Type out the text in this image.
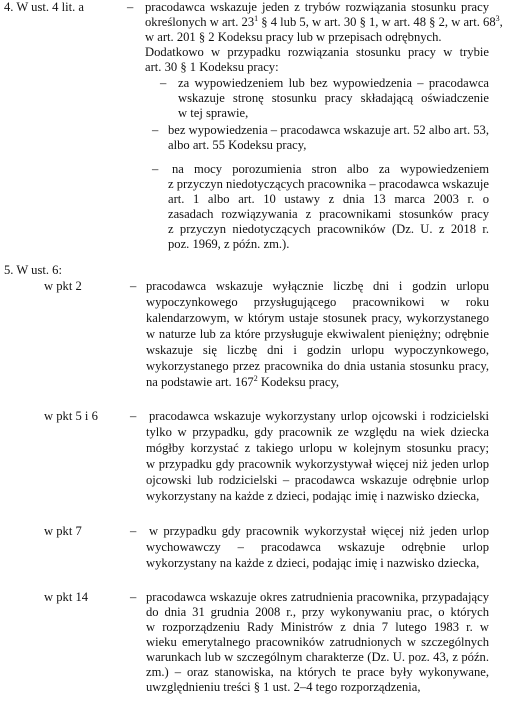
4. W ust. 4 lit. a	– pracodawca wskazuje jeden z trybów rozwiązania stosunku pracy
określonych w art. $23^1$ § 4 lub 5, w art. 30 § 1, w art. 48 § 2, w art. $68^3$,
w art. 201 § 2 Kodeksu pracy lub w przepisach odrębnych.
Dodatkowo w przypadku rozwiązania stosunku pracy w trybie
art. 30 § 1 Kodeksu pracy:
– za wypowiedzeniem lub bez wypowiedzenia – pracodawca
wskazuje stronę stosunku pracy składającą oświadczenie
w tej sprawie,
– bez wypowiedzenia – pracodawca wskazuje art. 52 albo art. 53,
albo art. 55 Kodeksu pracy,
– na mocy porozumienia stron albo za wypowiedzeniem
z przyczyn niedotyczących pracownika – pracodawca wskazuje
art. 1 albo art. 10 ustawy z dnia 13 marca 2003 r. o
zasadach rozwiązywania z pracownikami stosunków pracy
z przyczyn niedotyczących pracowników (Dz. U. z 2018 r.
poz. 1969, z późn. zm.).
5. W ust. 6:
w pkt 2	– pracodawca wskazuje wyłącznie liczbę dni i godzin urlopu
wypoczynkowego przysługującego pracownikowi w roku
kalendarzowym, w którym ustaje stosunek pracy, wykorzystanego
w naturze lub za które przysługuje ekwiwalent pieniężny; odrębnie
wskazuje się liczbę dni i godzin urlopu wypoczynkowego,
wykorzystanego przez pracownika do dnia ustania stosunku pracy,
na podstawie art. $167^2$ Kodeksu pracy,
w pkt 5 i 6	– pracodawca wskazuje wykorzystany urlop ojcowski i rodzicielski
tylko w przypadku, gdy pracownik ze względu na wiek dziecka
mógłby korzystać z takiego urlopu w kolejnym stosunku pracy;
w przypadku gdy pracownik wykorzystywał więcej niż jeden urlop
ojcowski lub rodzicielski – pracodawca wskazuje odrębnie urlop
wykorzystany na każde z dzieci, podając imię i nazwisko dziecka,
w pkt 7	– w przypadku gdy pracownik wykorzystał więcej niż jeden urlop
wychowawczy – pracodawca wskazuje odrębnie urlop
wykorzystany na każde z dzieci, podając imię i nazwisko dziecka,
w pkt 14	– pracodawca wskazuje okres zatrudnienia pracownika, przypadający
do dnia 31 grudnia 2008 r., przy wykonywaniu prac, o których
w rozporządzeniu Rady Ministrów z dnia 7 lutego 1983 r. w
wieku emerytalnego pracowników zatrudnionych w szczególnych
warunkach lub w szczególnym charakterze (Dz. U. poz. 43, z późn.
zm.) – oraz stanowiska, na których te prace były wykonywane,
uwzględnieniu treści § 1 ust. 2–4 tego rozporządzenia,
